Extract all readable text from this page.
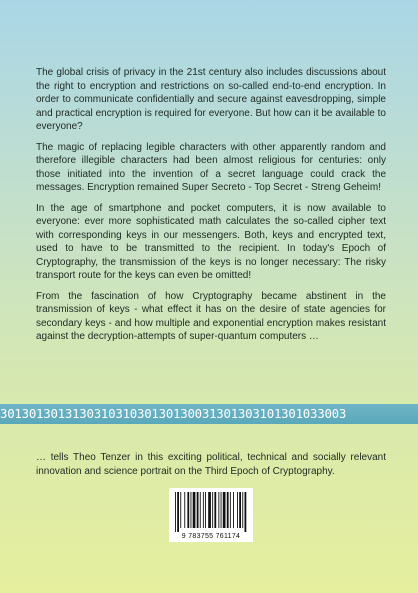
The global crisis of privacy in the 21st century also includes discussions about the right to encryption and restrictions on so-called end-to-end encryption. In order to communicate confidentially and secure against eavesdropping, simple and practical encryption is required for everyone. But how can it be available to everyone?

The magic of replacing legible characters with other apparently random and therefore illegible characters had been almost religious for centuries: only those initiated into the invention of a secret language could crack the messages. Encryption remained Super Secreto - Top Secret - Streng Geheim!

In the age of smartphone and pocket computers, it is now available to everyone: ever more sophisticated math calculates the so-called cipher text with corresponding keys in our messengers. Both, keys and encrypted text, used to have to be transmitted to the recipient. In today's Epoch of Cryptography, the transmission of the keys is no longer necessary: The risky transport route for the keys can even be omitted!

From the fascination of how Cryptography became abstinent in the transmission of keys - what effect it has on the desire of state agencies for secondary keys - and how multiple and exponential encryption makes resistant against the decryption-attempts of super-quantum computers …

301301301313031031030130130031301303101301033003

… tells Theo Tenzer in this exciting political, technical and socially relevant innovation and science portrait on the Third Epoch of Cryptography.

9 783755 761174
